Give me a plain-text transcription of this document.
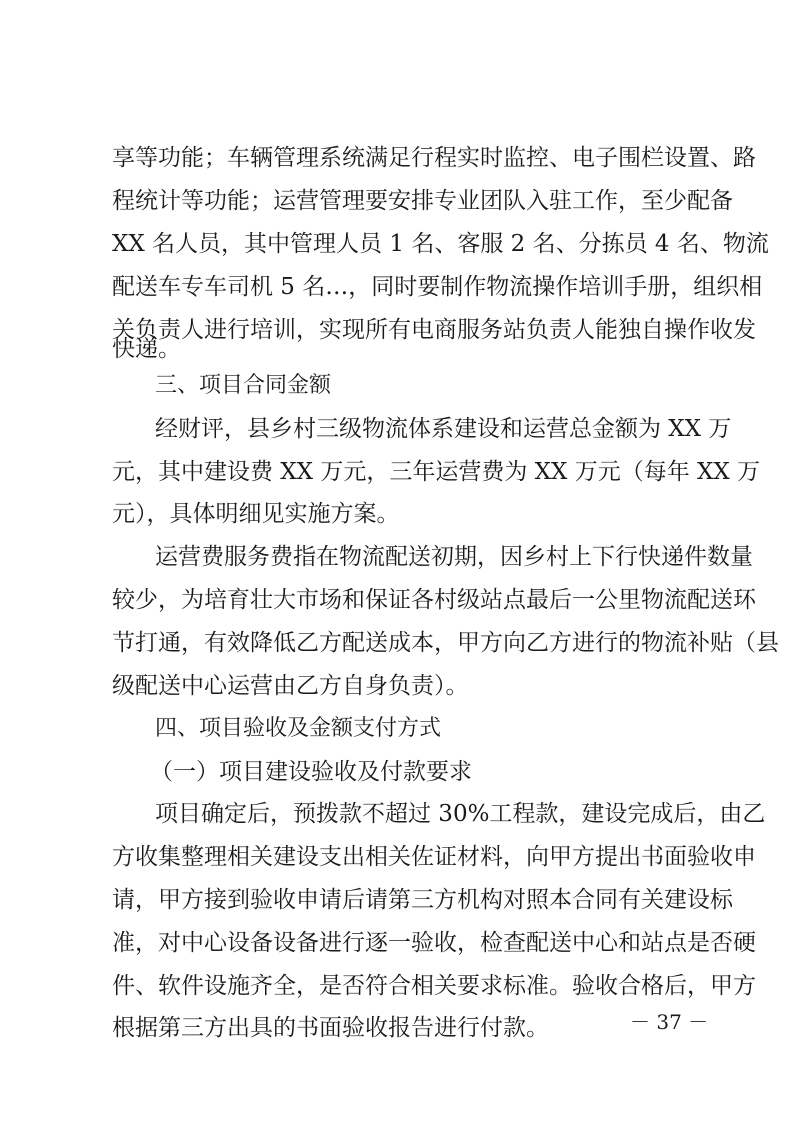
享等功能；车辆管理系统满足行程实时监控、电子围栏设置、路
程统计等功能；运营管理要安排专业团队入驻工作，至少配备
XX 名人员，其中管理人员 1 名、客服 2 名、分拣员 4 名、物流
配送车专车司机 5 名…，同时要制作物流操作培训手册，组织相
关负责人进行培训，实现所有电商服务站负责人能独自操作收发
快递。
三、项目合同金额
经财评，县乡村三级物流体系建设和运营总金额为 XX 万
元，其中建设费 XX 万元，三年运营费为 XX 万元（每年 XX 万
元），具体明细见实施方案。
运营费服务费指在物流配送初期，因乡村上下行快递件数量
较少，为培育壮大市场和保证各村级站点最后一公里物流配送环
节打通，有效降低乙方配送成本，甲方向乙方进行的物流补贴（县
级配送中心运营由乙方自身负责）。
四、项目验收及金额支付方式
（一）项目建设验收及付款要求
项目确定后，预拨款不超过 30%工程款，建设完成后，由乙
方收集整理相关建设支出相关佐证材料，向甲方提出书面验收申
请，甲方接到验收申请后请第三方机构对照本合同有关建设标
准，对中心设备设备进行逐一验收，检查配送中心和站点是否硬
件、软件设施齐全，是否符合相关要求标准。验收合格后，甲方
根据第三方出具的书面验收报告进行付款。	－ 37 －
